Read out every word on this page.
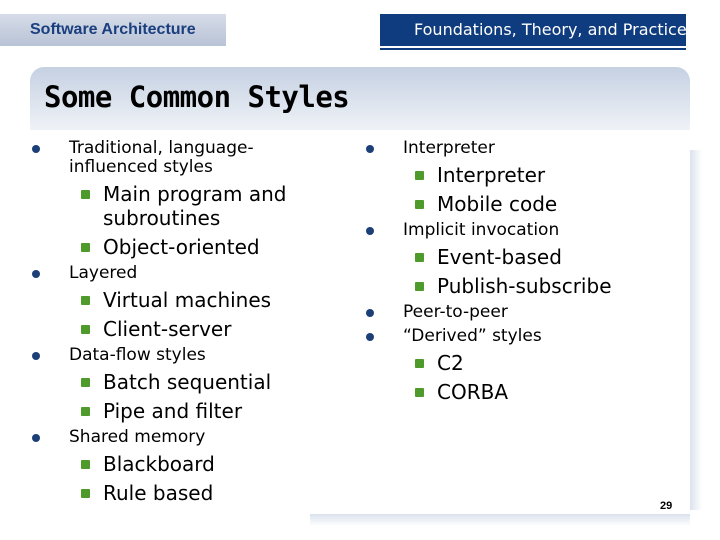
Software Architecture	Foundations, Theory, and Practice
Some Common Styles
Traditional, language-
influenced styles
Main program and subroutines
Object-oriented
Layered
Virtual machines
Client-server
Data-flow styles
Batch sequential
Pipe and filter
Shared memory
Blackboard
Rule based
Interpreter
Interpreter
Mobile code
Implicit invocation
Event-based
Publish-subscribe
Peer-to-peer
“Derived” styles
C2
CORBA
29
